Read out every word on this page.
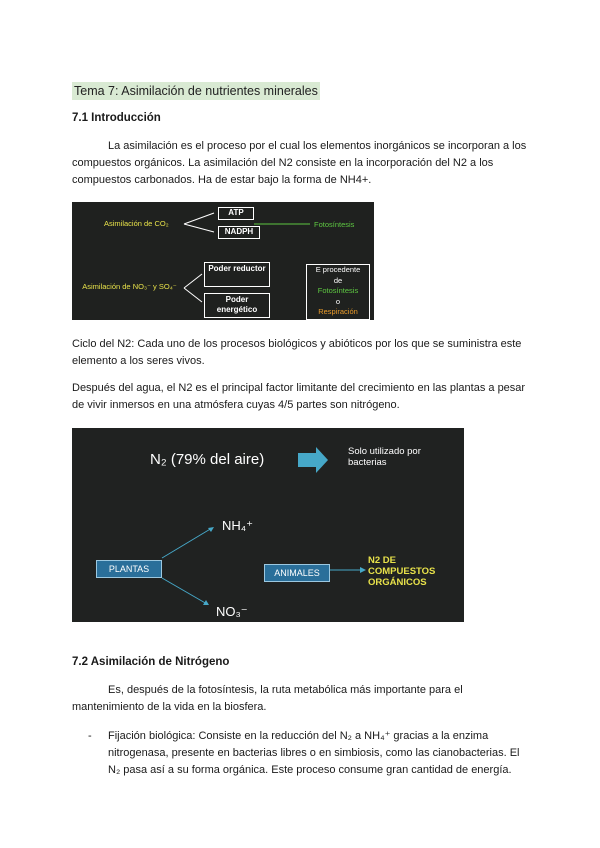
Tema 7: Asimilación de nutrientes minerales
7.1 Introducción
La asimilación es el proceso por el cual los elementos inorgánicos se incorporan a los compuestos orgánicos. La asimilación del N2 consiste en la incorporación del N2 a los compuestos carbonados. Ha de estar bajo la forma de NH4+.
Asimilación de CO₂
ATP
NADPH
Fotosíntesis
Asimilación de NO₃⁻ y SO₄⁻
Poder reductor
Poder energético
E procedente
de
Fotosíntesis
o
Respiración
Ciclo del N2: Cada uno de los procesos biológicos y abióticos por los que se suministra este elemento a los seres vivos.
Después del agua, el N2 es el principal factor limitante del crecimiento en las plantas a pesar de vivir inmersos en una atmósfera cuyas 4/5 partes son nitrógeno.
N₂ (79% del aire)	Solo utilizado por bacterias
NH₄⁺
PLANTAS
NO₃⁻
ANIMALES
N2 DE COMPUESTOS ORGÁNICOS
7.2 Asimilación de Nitrógeno
Es, después de la fotosíntesis, la ruta metabólica más importante para el mantenimiento de la vida en la biosfera.
- Fijación biológica: Consiste en la reducción del N₂ a NH₄⁺ gracias a la enzima nitrogenasa, presente en bacterias libres o en simbiosis, como las cianobacterias. El N₂ pasa así a su forma orgánica. Este proceso consume gran cantidad de energía.
